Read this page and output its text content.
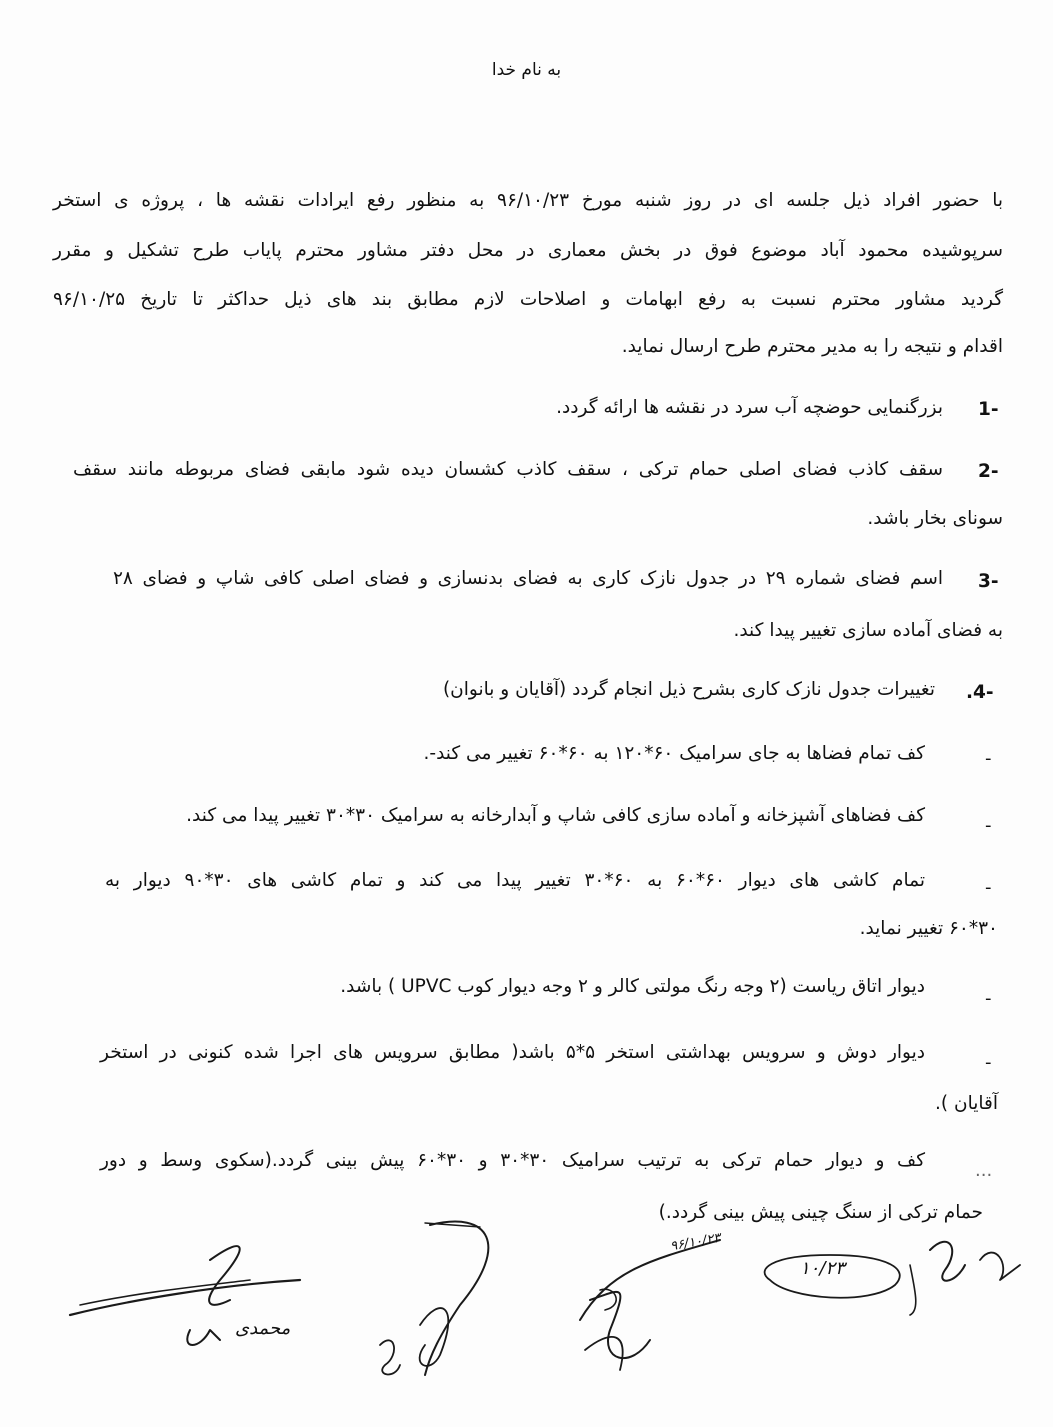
به نام خدا
با حضور افراد ذیل جلسه ای در روز شنبه مورخ ۹۶/۱۰/۲۳ به منظور رفع ایرادات نقشه ها ، پروژه ی استخر
سرپوشیده محمود آباد موضوع فوق در بخش معماری در محل دفتر مشاور محترم پایاب طرح تشکیل و مقرر
گردید مشاور محترم نسبت به رفع ابهامات و اصلاحات لازم مطابق بند های ذیل حداکثر تا تاریخ ۹۶/۱۰/۲۵
اقدام و نتیجه را به مدیر محترم طرح ارسال نماید.
1-
بزرگنمایی حوضچه آب سرد در نقشه ها ارائه گردد.
2-
سقف کاذب فضای اصلی حمام ترکی ، سقف کاذب کشسان دیده شود مابقی فضای مربوطه مانند سقف
سونای بخار باشد.
3-
اسم فضای شماره ۲۹ در جدول نازک کاری به فضای بدنسازی و فضای اصلی کافی شاپ و فضای ۲۸
به فضای آماده سازی تغییر پیدا کند.
.4-
تغییرات جدول نازک کاری بشرح ذیل انجام گردد (آقایان و بانوان)
-
کف تمام فضاها به جای سرامیک ۶۰*۱۲۰ به ۶۰*۶۰ تغییر می کند-.
-
کف فضاهای آشپزخانه و آماده سازی کافی شاپ و آبدارخانه به سرامیک ۳۰*۳۰ تغییر پیدا می کند.
-
تمام کاشی های دیوار ۶۰*۶۰ به ۶۰*۳۰ تغییر پیدا می کند و تمام کاشی های ۳۰*۹۰ دیوار به
۳۰*۶۰ تغییر نماید.
-
دیوار اتاق ریاست (۲ وجه رنگ مولتی کالر و ۲ وجه دیوار کوب UPVC ) باشد.
-
دیوار دوش و سرویس بهداشتی استخر ۵*۵ باشد( مطابق سرویس های اجرا شده کنونی در استخر
آقایان ).
...
کف و دیوار حمام ترکی به ترتیب سرامیک ۳۰*۳۰ و ۳۰*۶۰ پیش بینی گردد.(سکوی وسط و دور
حمام ترکی از سنگ چینی پیش بینی گردد.)
محمدی
۹۶/۱۰/۲۳
۱۰/۲۳
